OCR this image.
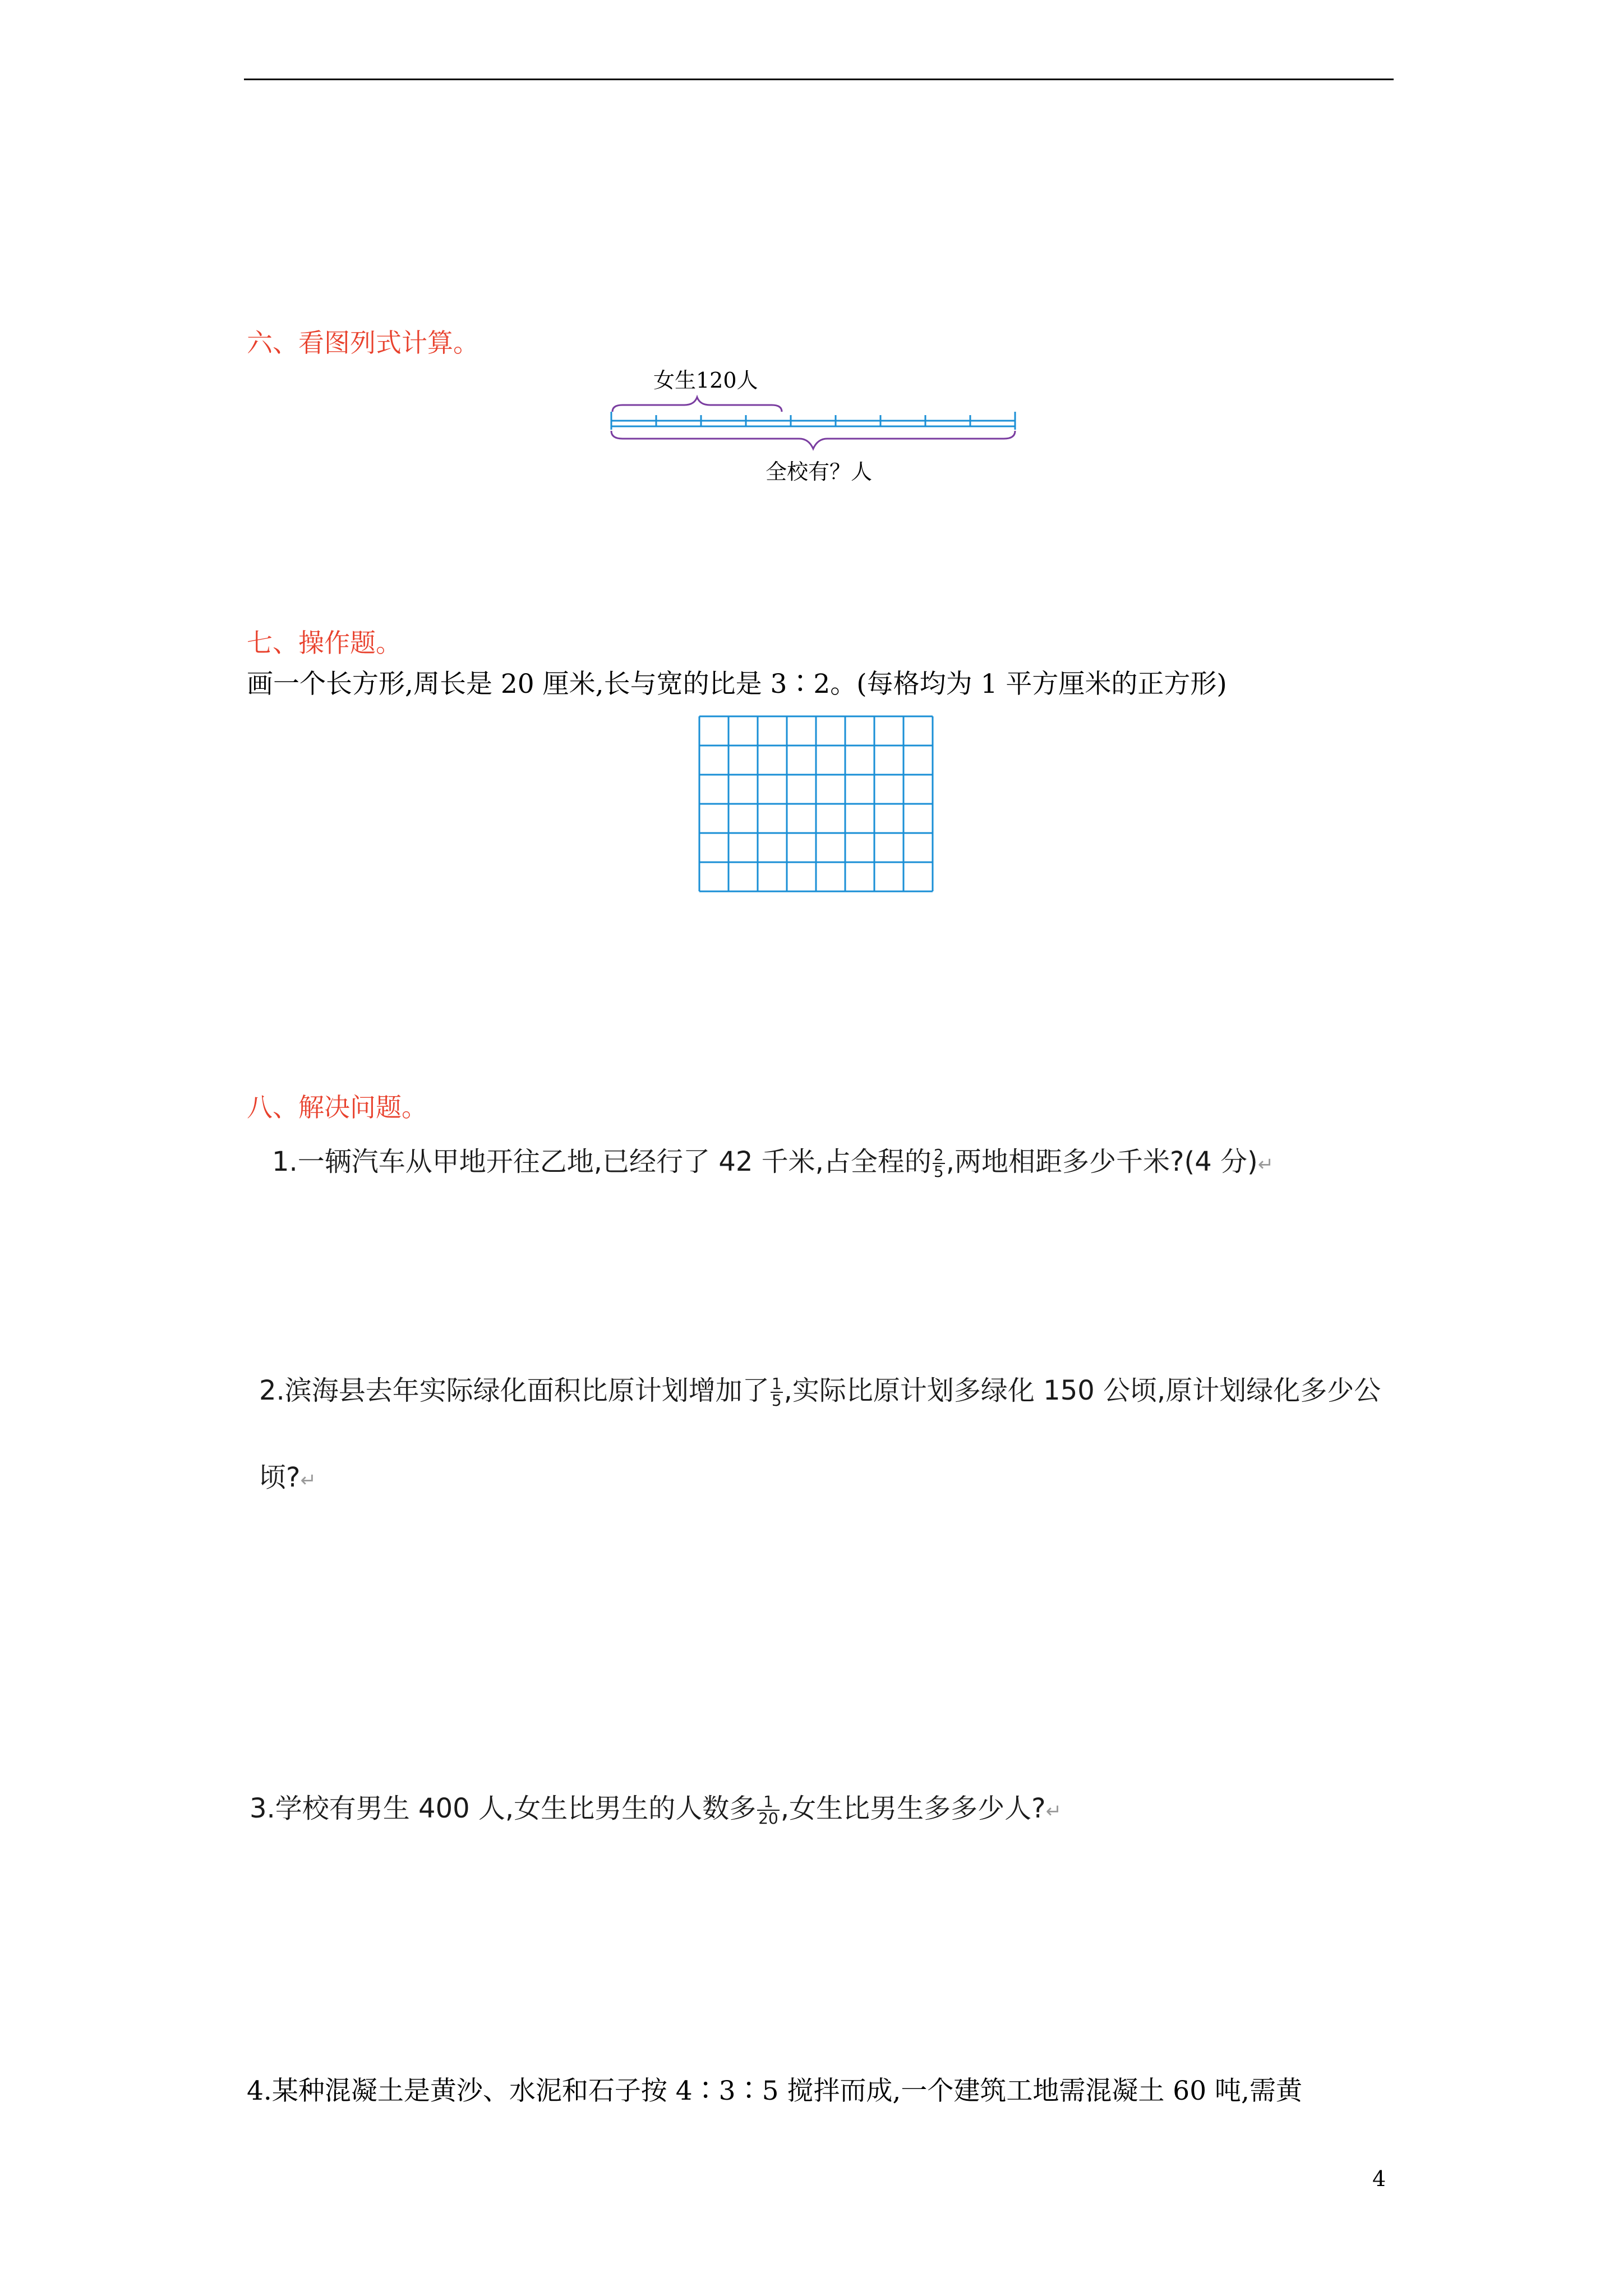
六、看图列式计算。
女生120人
全校有？人
七、操作题。
画一个长方形,周长是 20 厘米,长与宽的比是 3∶2。(每格均为 1 平方厘米的正方形)
八、解决问题。
1.一辆汽车从甲地开往乙地,已经行了 42 千米,占全程的 $\frac{2}{5}$ ,两地相距多少千米?(4 分)↵
2.滨海县去年实际绿化面积比原计划增加了 $\frac{1}{5}$ ,实际比原计划多绿化 150 公顷,原计划绿化多少公
顷?↵
3.学校有男生 400 人,女生比男生的人数多 $\frac{1}{20}$ ,女生比男生多多少人?↵
4.某种混凝土是黄沙、水泥和石子按 4∶3∶5 搅拌而成,一个建筑工地需混凝土 60 吨,需黄
4
